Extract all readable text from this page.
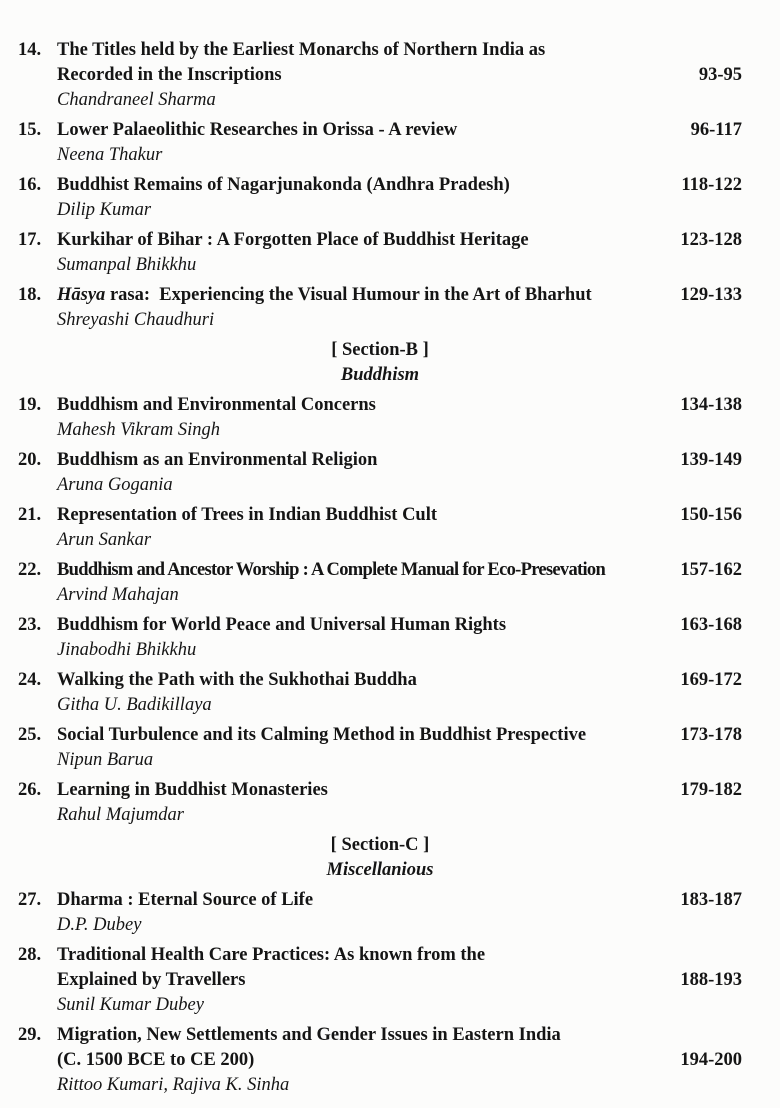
14. The Titles held by the Earliest Monarchs of Northern India as
Recorded in the Inscriptions	93-95
Chandraneel Sharma
15. Lower Palaeolithic Researches in Orissa - A review	96-117
Neena Thakur
16. Buddhist Remains of Nagarjunakonda (Andhra Pradesh)	118-122
Dilip Kumar
17. Kurkihar of Bihar : A Forgotten Place of Buddhist Heritage	123-128
Sumanpal Bhikkhu
18. Hāsya rasa:  Experiencing the Visual Humour in the Art of Bharhut	129-133
Shreyashi Chaudhuri
[ Section-B ]
Buddhism
19. Buddhism and Environmental Concerns	134-138
Mahesh Vikram Singh
20. Buddhism as an Environmental Religion	139-149
Aruna Gogania
21. Representation of Trees in Indian Buddhist Cult	150-156
Arun Sankar
22. Buddhism and Ancestor Worship : A Complete Manual for Eco-Presevation	157-162
Arvind Mahajan
23. Buddhism for World Peace and Universal Human Rights	163-168
Jinabodhi Bhikkhu
24. Walking the Path with the Sukhothai Buddha	169-172
Githa U. Badikillaya
25. Social Turbulence and its Calming Method in Buddhist Prespective	173-178
Nipun Barua
26. Learning in Buddhist Monasteries	179-182
Rahul Majumdar
[ Section-C ]
Miscellanious
27. Dharma : Eternal Source of Life	183-187
D.P. Dubey
28. Traditional Health Care Practices: As known from the
Explained by Travellers	188-193
Sunil Kumar Dubey
29. Migration, New Settlements and Gender Issues in Eastern India
(C. 1500 BCE to CE 200)	194-200
Rittoo Kumari, Rajiva K. Sinha
